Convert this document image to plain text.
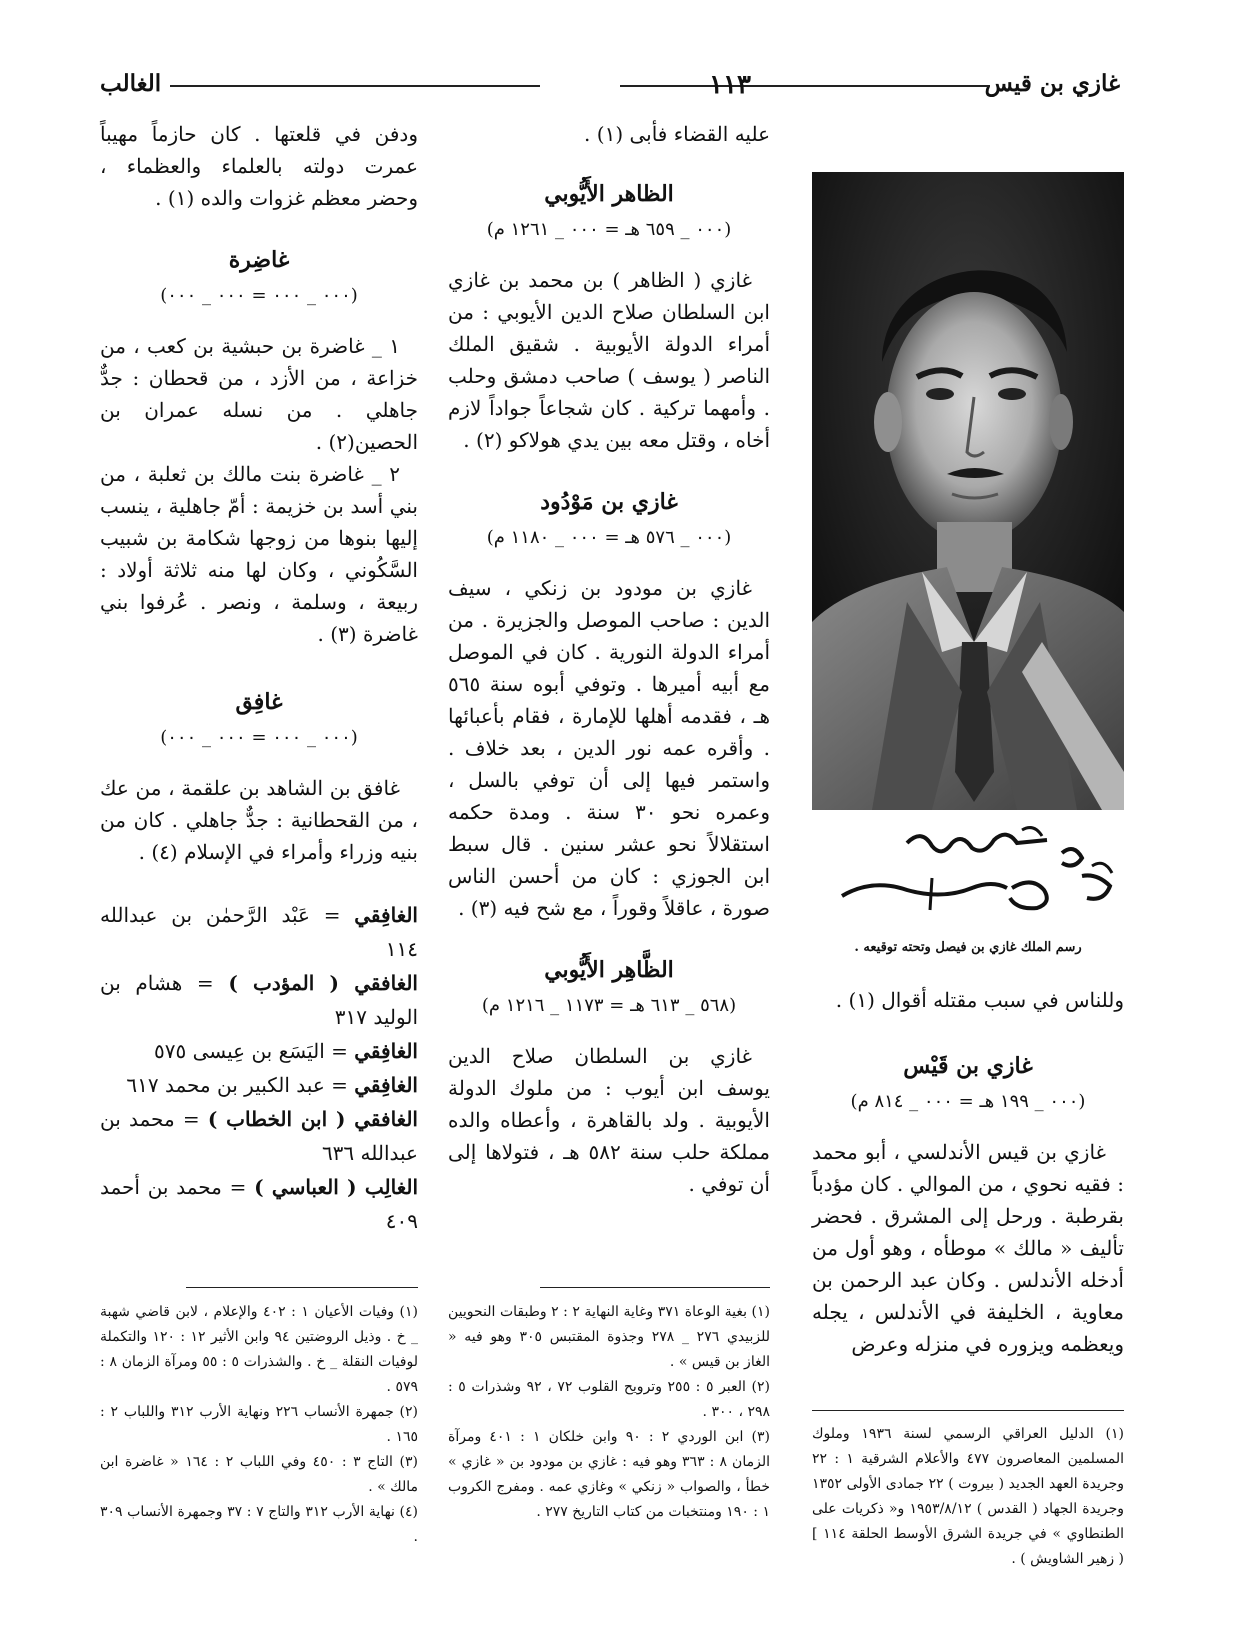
غازي بن قيس
١١٣
الغالب

ودفن في قلعتها . كان حازماً مهيباً عمرت دولته بالعلماء والعظماء ، وحضر معظم غزوات والده (١) .

غاضِرة
(٠٠٠ _ ٠٠٠ = ٠٠٠ _ ٠٠٠)

١ _ غاضرة بن حبشية بن كعب ، من خزاعة ، من الأزد ، من قحطان : جدٌّ جاهلي . من نسله عمران بن الحصين(٢) .

٢ _ غاضرة بنت مالك بن ثعلبة ، من بني أسد بن خزيمة : أمّ جاهلية ، ينسب إليها بنوها من زوجها شكامة بن شبيب السَّكُوني ، وكان لها منه ثلاثة أولاد : ربيعة ، وسلمة ، ونصر . عُرفوا بني غاضرة (٣) .

غافِق
(٠٠٠ _ ٠٠٠ = ٠٠٠ _ ٠٠٠)

غافق بن الشاهد بن علقمة ، من عك ، من القحطانية : جدٌّ جاهلي . كان من بنيه وزراء وأمراء في الإسلام (٤) .

الغافِقي = عَبْد الرَّحمٰن بن عبدالله ١١٤
الغافقي ( المؤدب ) = هشام بن الوليد ٣١٧
الغافِقي = اليَسَع بن عِيسى ٥٧٥
الغافِقي = عبد الكبير بن محمد ٦١٧
الغافقي ( ابن الخطاب ) = محمد بن عبدالله ٦٣٦
الغالِب ( العباسي ) = محمد بن أحمد ٤٠٩

عليه القضاء فأبى (١) .

الظاهر الأَيُّوبي
(٠٠٠ _ ٦٥٩ هـ = ٠٠٠ _ ١٢٦١ م)

غازي ( الظاهر ) بن محمد بن غازي ابن السلطان صلاح الدين الأيوبي : من أمراء الدولة الأيوبية . شقيق الملك الناصر ( يوسف ) صاحب دمشق وحلب . وأمهما تركية . كان شجاعاً جواداً لازم أخاه ، وقتل معه بين يدي هولاكو (٢) .

غازي بن مَوْدُود
(٠٠٠ _ ٥٧٦ هـ = ٠٠٠ _ ١١٨٠ م)

غازي بن مودود بن زنكي ، سيف الدين : صاحب الموصل والجزيرة . من أمراء الدولة النورية . كان في الموصل مع أبيه أميرها . وتوفي أبوه سنة ٥٦٥ هـ ، فقدمه أهلها للإمارة ، فقام بأعبائها . وأقره عمه نور الدين ، بعد خلاف . واستمر فيها إلى أن توفي بالسل ، وعمره نحو ٣٠ سنة . ومدة حكمه استقلالاً نحو عشر سنين . قال سبط ابن الجوزي : كان من أحسن الناس صورة ، عاقلاً وقوراً ، مع شح فيه (٣) .

الظَّاهِر الأَيُّوبي
(٥٦٨ _ ٦١٣ هـ = ١١٧٣ _ ١٢١٦ م)

غازي بن السلطان صلاح الدين يوسف ابن أيوب : من ملوك الدولة الأيوبية . ولد بالقاهرة ، وأعطاه والده مملكة حلب سنة ٥٨٢ هـ ، فتولاها إلى أن توفي .

رسم الملك غازي بن فيصل وتحته توقيعه .
وللناس في سبب مقتله أقوال (١) .
غازي بن قَيْس
(٠٠٠ _ ١٩٩ هـ = ٠٠٠ _ ٨١٤ م)

غازي بن قيس الأندلسي ، أبو محمد : فقيه نحوي ، من الموالي . كان مؤدباً بقرطبة . ورحل إلى المشرق . فحضر تأليف « مالك » موطأه ، وهو أول من أدخله الأندلس . وكان عبد الرحمن بن معاوية ، الخليفة في الأندلس ، يجله ويعظمه ويزوره في منزله وعرض

(١) وفيات الأعيان ١ : ٤٠٢ والإعلام ، لابن قاضي شهبة _ خ . وذيل الروضتين ٩٤ وابن الأثير ١٢ : ١٢٠ والتكملة لوفيات النقلة _ خ . والشذرات ٥ : ٥٥ ومرآة الزمان ٨ : ٥٧٩ .
(٢) جمهرة الأنساب ٢٢٦ ونهاية الأرب ٣١٢ واللباب ٢ : ١٦٥ .
(٣) التاج ٣ : ٤٥٠ وفي اللباب ٢ : ١٦٤ « غاضرة ابن مالك » .
(٤) نهاية الأرب ٣١٢ والتاج ٧ : ٣٧ وجمهرة الأنساب ٣٠٩ .
(١) بغية الوعاة ٣٧١ وغاية النهاية ٢ : ٢ وطبقات النحويين للزبيدي ٢٧٦ _ ٢٧٨ وجذوة المقتبس ٣٠٥ وهو فيه « الغاز بن قيس » .
(٢) العبر ٥ : ٢٥٥ وترويح القلوب ٧٢ ، ٩٢ وشذرات ٥ : ٢٩٨ ، ٣٠٠ .
(٣) ابن الوردي ٢ : ٩٠ وابن خلكان ١ : ٤٠١ ومرآة الزمان ٨ : ٣٦٣ وهو فيه : غازي بن مودود بن « غازي » خطأ ، والصواب « زنكي » وغازي عمه . ومفرج الكروب ١ : ١٩٠ ومنتخبات من كتاب التاريخ ٢٧٧ .
(١) الدليل العراقي الرسمي لسنة ١٩٣٦ وملوك المسلمين المعاصرون ٤٧٧ والأعلام الشرقية ١ : ٢٢ وجريدة العهد الجديد ( بيروت ) ٢٢ جمادى الأولى ١٣٥٢ وجريدة الجهاد ( القدس ) ١٩٥٣/٨/١٢ و« ذكريات على الطنطاوي » في جريدة الشرق الأوسط الحلقة ١١٤ ] ( زهير الشاويش ) .
